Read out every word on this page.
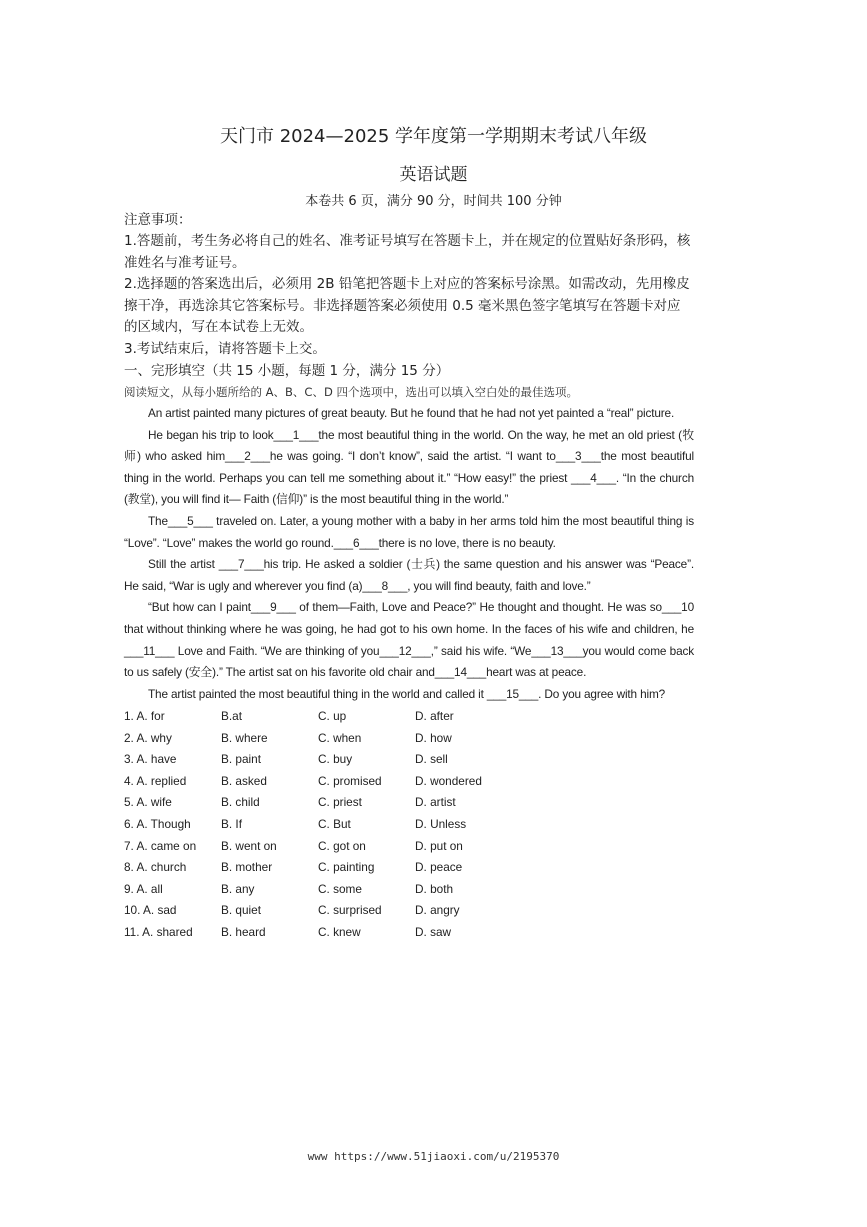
天门市 2024—2025 学年度第一学期期末考试八年级
英语试题
本卷共 6 页，满分 90 分，时间共 100 分钟
注意事项：
1.答题前，考生务必将自己的姓名、准考证号填写在答题卡上，并在规定的位置贴好条形码，核准姓名与准考证号。
2.选择题的答案选出后，必须用 2B 铅笔把答题卡上对应的答案标号涂黑。如需改动，先用橡皮擦干净，再选涂其它答案标号。非选择题答案必须使用 0.5 毫米黑色签字笔填写在答题卡对应的区域内，写在本试卷上无效。
3.考试结束后，请将答题卡上交。
一、完形填空（共 15 小题，每题 1 分，满分 15 分）
阅读短文，从每小题所给的 A、B、C、D 四个选项中，选出可以填入空白处的最佳选项。

An artist painted many pictures of great beauty. But he found that he had not yet painted a “real” picture.

He began his trip to look___1___the most beautiful thing in the world. On the way, he met an old priest (牧师) who asked him___2___he was going. “I don’t know”, said the artist. “I want to___3___the most beautiful thing in the world. Perhaps you can tell me something about it.” “How easy!” the priest ___4___. “In the church (教堂), you will find it— Faith (信仰)” is the most beautiful thing in the world.”

The___5___ traveled on. Later, a young mother with a baby in her arms told him the most beautiful thing is “Love”. “Love” makes the world go round.___6___there is no love, there is no beauty.

Still the artist ___7___his trip. He asked a soldier (士兵) the same question and his answer was “Peace”. He said, “War is ugly and wherever you find (a)___8___, you will find beauty, faith and love.”

“But how can I paint___9___ of them—Faith, Love and Peace?” He thought and thought. He was so___10 that without thinking where he was going, he had got to his own home. In the faces of his wife and children, he ___11___ Love and Faith. “We are thinking of you___12___,” said his wife. “We___13___you would come back to us safely (安全).” The artist sat on his favorite old chair and___14___heart was at peace.

The artist painted the most beautiful thing in the world and called it ___15___. Do you agree with him?

1. A. for	B.at	C. up	D. after
2. A. why	B. where	C. when	D. how
3. A. have	B. paint	C. buy	D. sell
4. A. replied	B. asked	C. promised	D. wondered
5. A. wife	B. child	C. priest	D. artist
6. A. Though	B. If	C. But	D. Unless
7. A. came on B. went on	C. got on	D. put on
8. A. church	B. mother	C. painting	D. peace
9. A. all	B. any	C. some	D. both
10. A. sad	B. quiet	C. surprised	D. angry
11. A. shared B. heard	C. knew	D. saw
www https://www.51jiaoxi.com/u/2195370
